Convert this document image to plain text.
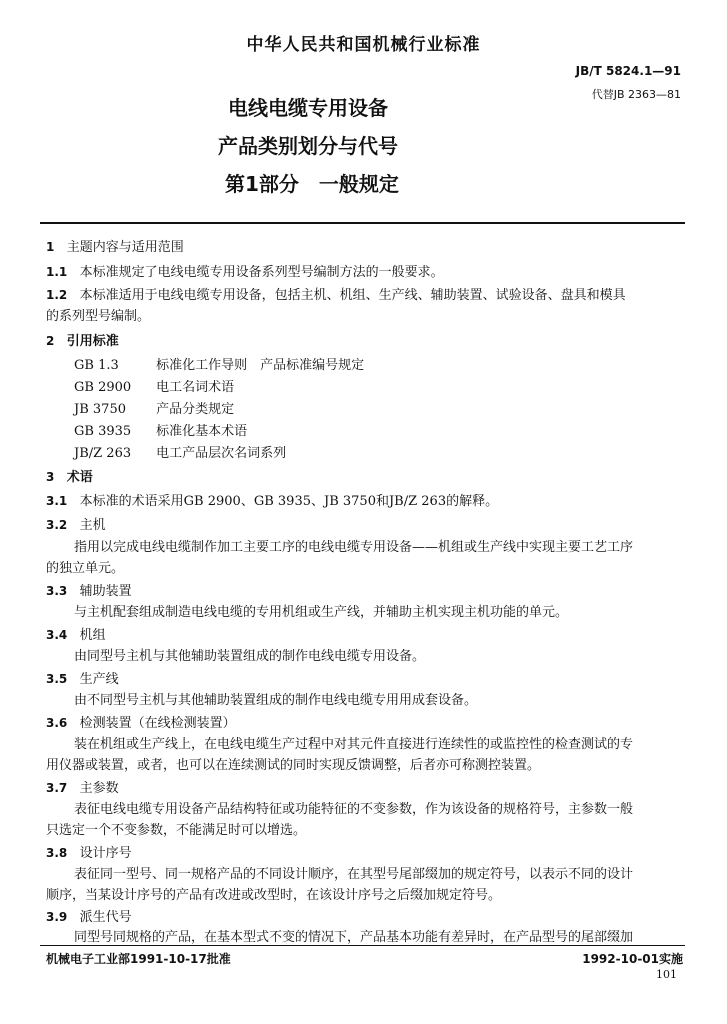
中华人民共和国机械行业标准
JB/T 5824.1—91
代替JB 2363—81
电线电缆专用设备
产品类别划分与代号
第1部分　一般规定
1 主题内容与适用范围
1.1 本标准规定了电线电缆专用设备系列型号编制方法的一般要求。
1.2 本标准适用于电线电缆专用设备，包括主机、机组、生产线、辅助装置、试验设备、盘具和模具
的系列型号编制。
2 引用标准
GB 1.3	标准化工作导则　产品标准编号规定
GB 2900 电工名词术语
JB 3750 产品分类规定
GB 3935 标准化基本术语
JB/Z 263 电工产品层次名词系列
3 术语
3.1 本标准的术语采用GB 2900、GB 3935、JB 3750和JB/Z 263的解释。
3.2 主机
指用以完成电线电缆制作加工主要工序的电线电缆专用设备——机组或生产线中实现主要工艺工序
的独立单元。
3.3 辅助装置
与主机配套组成制造电线电缆的专用机组或生产线，并辅助主机实现主机功能的单元。
3.4 机组
由同型号主机与其他辅助装置组成的制作电线电缆专用设备。
3.5 生产线
由不同型号主机与其他辅助装置组成的制作电线电缆专用用成套设备。
3.6 检测装置（在线检测装置）
装在机组或生产线上，在电线电缆生产过程中对其元件直接进行连续性的或监控性的检查测试的专
用仪器或装置，或者，也可以在连续测试的同时实现反馈调整，后者亦可称测控装置。
3.7 主参数
表征电线电缆专用设备产品结构特征或功能特征的不变参数，作为该设备的规格符号，主参数一般
只选定一个不变参数，不能满足时可以增选。
3.8 设计序号
表征同一型号、同一规格产品的不同设计顺序，在其型号尾部缀加的规定符号，以表示不同的设计
顺序，当某设计序号的产品有改进或改型时，在该设计序号之后缀加规定符号。
3.9 派生代号
同型号同规格的产品，在基本型式不变的情况下，产品基本功能有差异时，在产品型号的尾部缀加
机械电子工业部1991-10-17批准	1992-10-01实施
101
